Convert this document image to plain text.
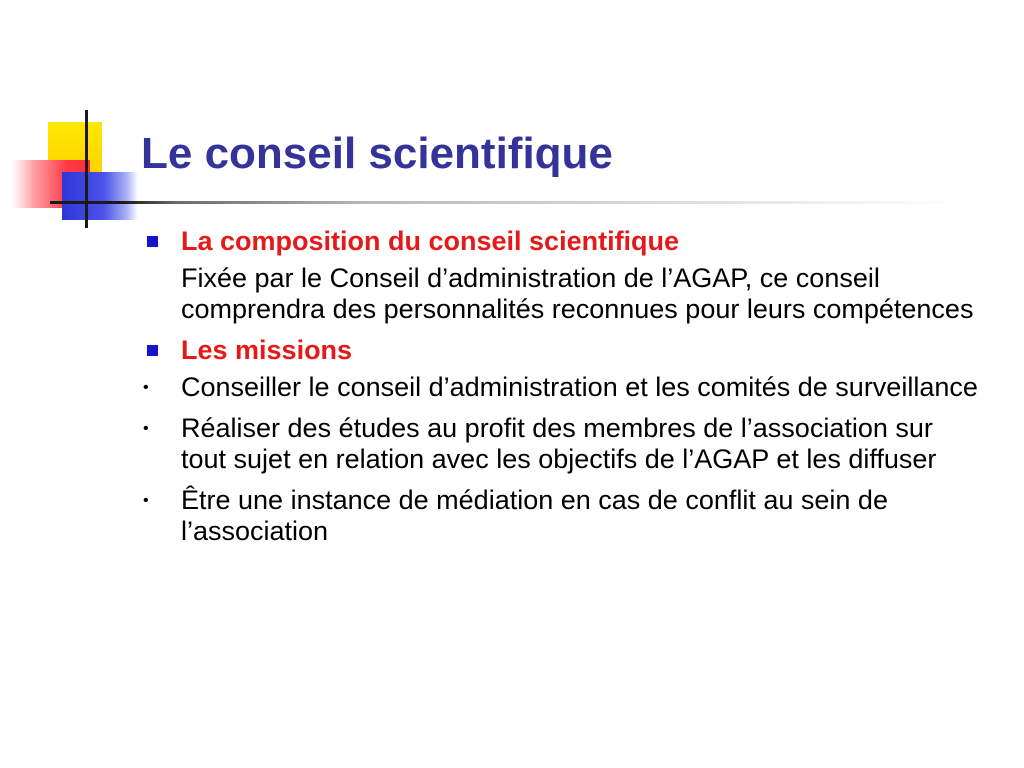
Le conseil scientifique
La composition du conseil scientifique
Fixée par le Conseil d’administration de l’AGAP, ce conseil comprendra des personnalités reconnues pour leurs compétences
Les missions
• Conseiller le conseil d’administration et les comités de surveillance
• Réaliser des études au profit des membres de l’association sur tout sujet en relation avec les objectifs de l’AGAP et les diffuser
• Être une instance de médiation en cas de conflit au sein de l’association
